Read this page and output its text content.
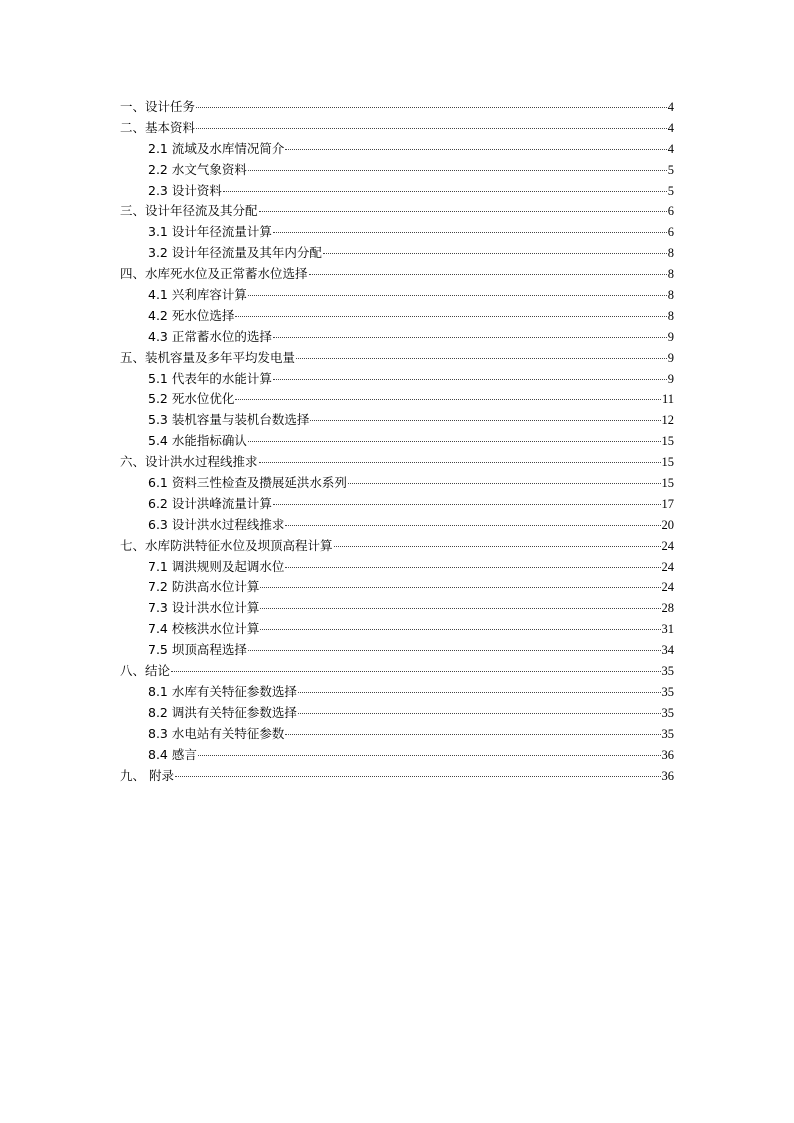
一、设计任务	4
二、基本资料	4
2.1 流域及水库情况简介	4
2.2 水文气象资料	5
2.3 设计资料	5
三、设计年径流及其分配	6
3.1 设计年径流量计算	6
3.2 设计年径流量及其年内分配	8
四、水库死水位及正常蓄水位选择	8
4.1 兴利库容计算	8
4.2 死水位选择	8
4.3 正常蓄水位的选择	9
五、装机容量及多年平均发电量	9
5.1 代表年的水能计算	9
5.2 死水位优化	11
5.3 装机容量与装机台数选择	12
5.4 水能指标确认	15
六、设计洪水过程线推求	15
6.1 资料三性检查及攒展延洪水系列	15
6.2 设计洪峰流量计算	17
6.3 设计洪水过程线推求	20
七、水库防洪特征水位及坝顶高程计算	24
7.1 调洪规则及起调水位	24
7.2 防洪高水位计算	24
7.3 设计洪水位计算	28
7.4 校核洪水位计算	31
7.5 坝顶高程选择	34
八、结论	35
8.1 水库有关特征参数选择	35
8.2 调洪有关特征参数选择	35
8.3 水电站有关特征参数	35
8.4 感言	36
九、 附录	36
